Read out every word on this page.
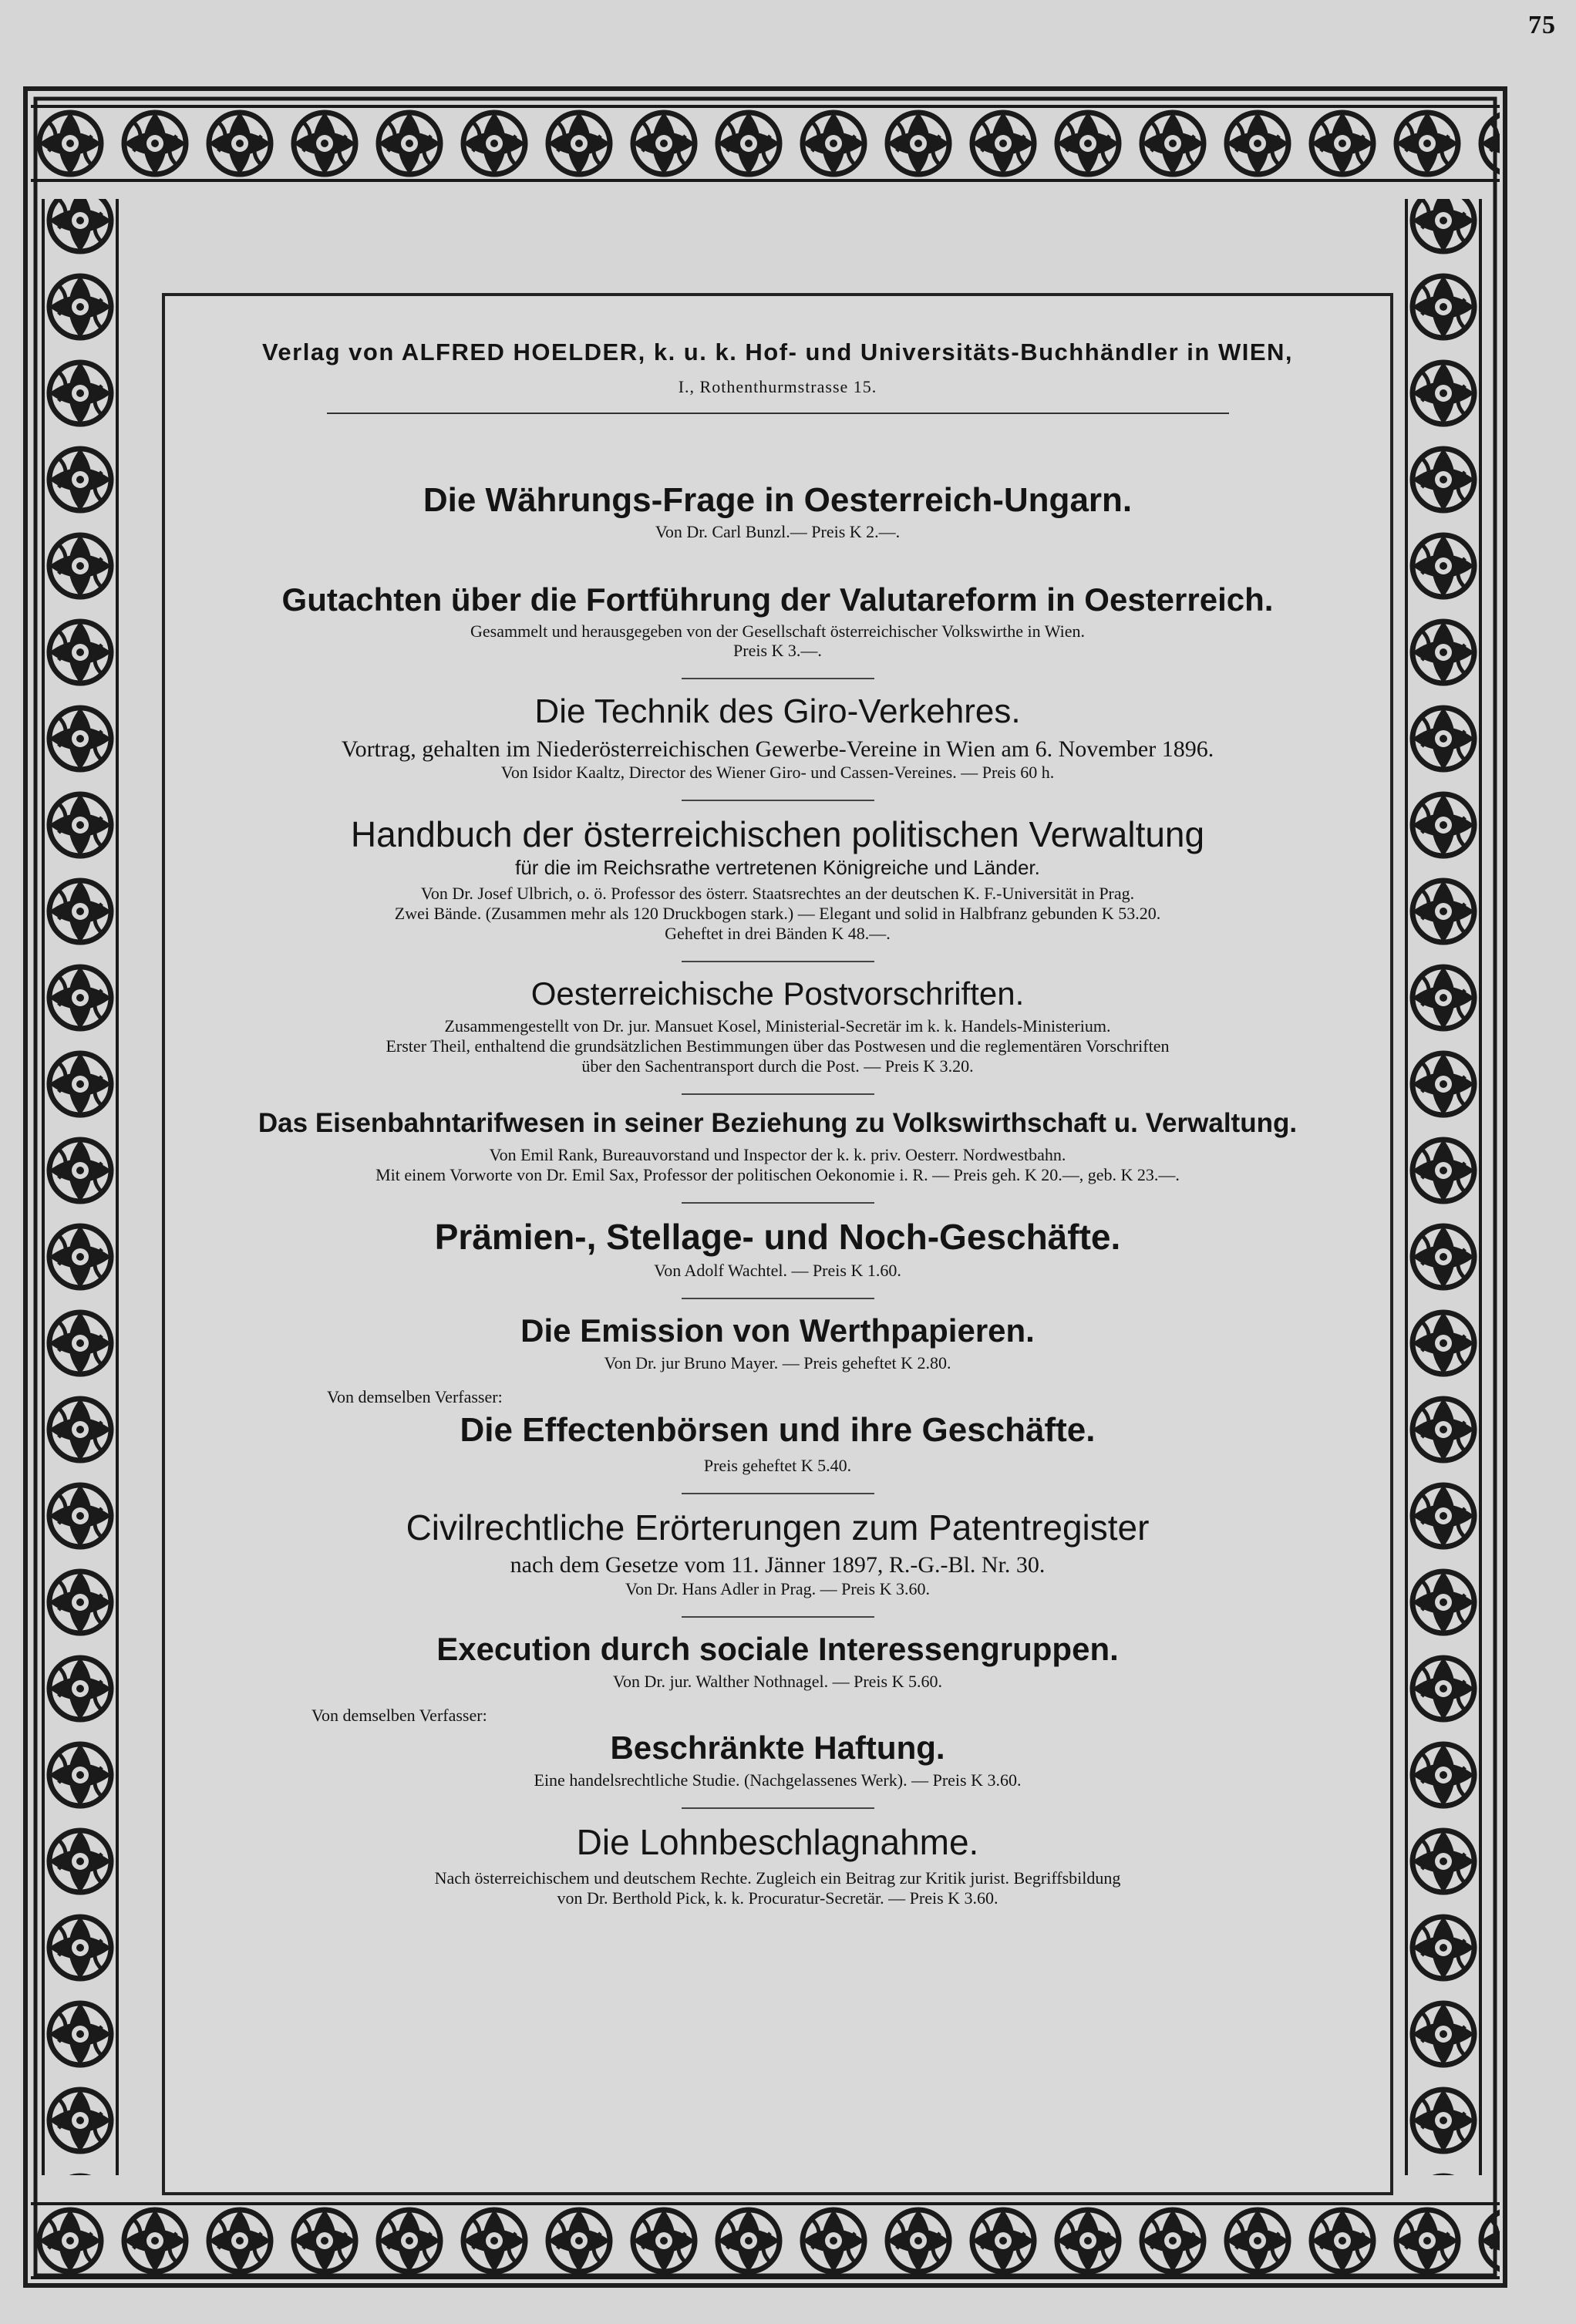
75
Verlag von ALFRED HOELDER, k. u. k. Hof- und Universitäts-Buchhändler in WIEN,
I., Rothenthurmstrasse 15.
Die Währungs-Frage in Oesterreich-Ungarn.
Von Dr. Carl Bunzl.— Preis K 2.—.
Gutachten über die Fortführung der Valutareform in Oesterreich.
Gesammelt und herausgegeben von der Gesellschaft österreichischer Volkswirthe in Wien.
Preis K 3.—.
Die Technik des Giro-Verkehres.
Vortrag, gehalten im Niederösterreichischen Gewerbe-Vereine in Wien am 6. November 1896.
Von Isidor Kaaltz, Director des Wiener Giro- und Cassen-Vereines. — Preis 60 h.
Handbuch der österreichischen politischen Verwaltung
für die im Reichsrathe vertretenen Königreiche und Länder.
Von Dr. Josef Ulbrich, o. ö. Professor des österr. Staatsrechtes an der deutschen K. F.-Universität in Prag.
Zwei Bände. (Zusammen mehr als 120 Druckbogen stark.) — Elegant und solid in Halbfranz gebunden K 53.20.
Geheftet in drei Bänden K 48.—.
Oesterreichische Postvorschriften.
Zusammengestellt von Dr. jur. Mansuet Kosel, Ministerial-Secretär im k. k. Handels-Ministerium.
Erster Theil, enthaltend die grundsätzlichen Bestimmungen über das Postwesen und die reglementären Vorschriften
über den Sachentransport durch die Post. — Preis K 3.20.
Das Eisenbahntarifwesen in seiner Beziehung zu Volkswirthschaft u. Verwaltung.
Von Emil Rank, Bureauvorstand und Inspector der k. k. priv. Oesterr. Nordwestbahn.
Mit einem Vorworte von Dr. Emil Sax, Professor der politischen Oekonomie i. R. — Preis geh. K 20.—, geb. K 23.—.
Prämien-, Stellage- und Noch-Geschäfte.
Von Adolf Wachtel. — Preis K 1.60.
Die Emission von Werthpapieren.
Von Dr. jur Bruno Mayer. — Preis geheftet K 2.80.
Von demselben Verfasser:
Die Effectenbörsen und ihre Geschäfte.
Preis geheftet K 5.40.
Civilrechtliche Erörterungen zum Patentregister
nach dem Gesetze vom 11. Jänner 1897, R.-G.-Bl. Nr. 30.
Von Dr. Hans Adler in Prag. — Preis K 3.60.
Execution durch sociale Interessengruppen.
Von Dr. jur. Walther Nothnagel. — Preis K 5.60.
Von demselben Verfasser:
Beschränkte Haftung.
Eine handelsrechtliche Studie. (Nachgelassenes Werk). — Preis K 3.60.
Die Lohnbeschlagnahme.
Nach österreichischem und deutschem Rechte. Zugleich ein Beitrag zur Kritik jurist. Begriffsbildung
von Dr. Berthold Pick, k. k. Procuratur-Secretär. — Preis K 3.60.
